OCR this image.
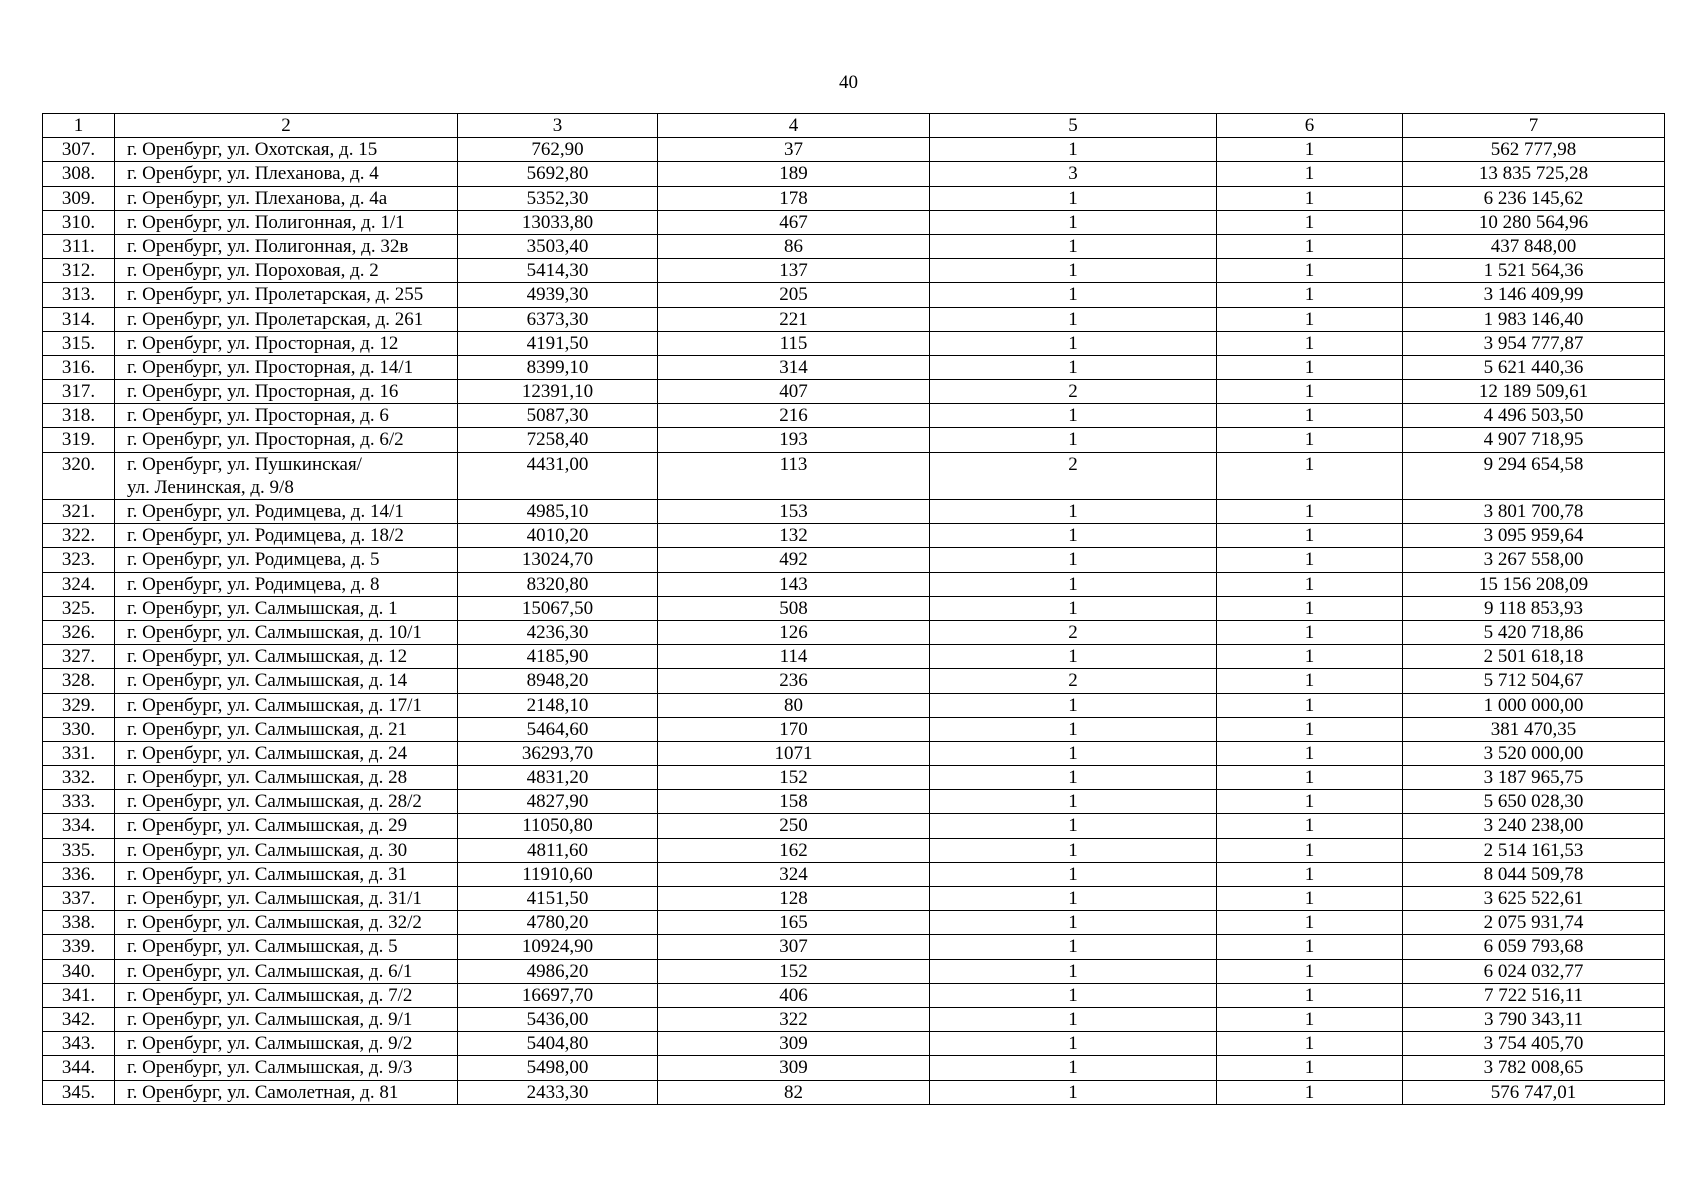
40
1	2	3	4	5	6	7
307.	г. Оренбург, ул. Охотская, д. 15	762,90	37	1	1	562 777,98
308.	г. Оренбург, ул. Плеханова, д. 4	5692,80	189	3	1	13 835 725,28
309.	г. Оренбург, ул. Плеханова, д. 4а	5352,30	178	1	1	6 236 145,62
310.	г. Оренбург, ул. Полигонная, д. 1/1	13033,80	467	1	1	10 280 564,96
311.	г. Оренбург, ул. Полигонная, д. 32в	3503,40	86	1	1	437 848,00
312.	г. Оренбург, ул. Пороховая, д. 2	5414,30	137	1	1	1 521 564,36
313.	г. Оренбург, ул. Пролетарская, д. 255	4939,30	205	1	1	3 146 409,99
314.	г. Оренбург, ул. Пролетарская, д. 261	6373,30	221	1	1	1 983 146,40
315.	г. Оренбург, ул. Просторная, д. 12	4191,50	115	1	1	3 954 777,87
316.	г. Оренбург, ул. Просторная, д. 14/1	8399,10	314	1	1	5 621 440,36
317.	г. Оренбург, ул. Просторная, д. 16	12391,10	407	2	1	12 189 509,61
318.	г. Оренбург, ул. Просторная, д. 6	5087,30	216	1	1	4 496 503,50
319.	г. Оренбург, ул. Просторная, д. 6/2	7258,40	193	1	1	4 907 718,95
320.	г. Оренбург, ул. Пушкинская/
ул. Ленинская, д. 9/8	4431,00	113	2	1	9 294 654,58
321.	г. Оренбург, ул. Родимцева, д. 14/1	4985,10	153	1	1	3 801 700,78
322.	г. Оренбург, ул. Родимцева, д. 18/2	4010,20	132	1	1	3 095 959,64
323.	г. Оренбург, ул. Родимцева, д. 5	13024,70	492	1	1	3 267 558,00
324.	г. Оренбург, ул. Родимцева, д. 8	8320,80	143	1	1	15 156 208,09
325.	г. Оренбург, ул. Салмышская, д. 1	15067,50	508	1	1	9 118 853,93
326.	г. Оренбург, ул. Салмышская, д. 10/1	4236,30	126	2	1	5 420 718,86
327.	г. Оренбург, ул. Салмышская, д. 12	4185,90	114	1	1	2 501 618,18
328.	г. Оренбург, ул. Салмышская, д. 14	8948,20	236	2	1	5 712 504,67
329.	г. Оренбург, ул. Салмышская, д. 17/1	2148,10	80	1	1	1 000 000,00
330.	г. Оренбург, ул. Салмышская, д. 21	5464,60	170	1	1	381 470,35
331.	г. Оренбург, ул. Салмышская, д. 24	36293,70	1071	1	1	3 520 000,00
332.	г. Оренбург, ул. Салмышская, д. 28	4831,20	152	1	1	3 187 965,75
333.	г. Оренбург, ул. Салмышская, д. 28/2	4827,90	158	1	1	5 650 028,30
334.	г. Оренбург, ул. Салмышская, д. 29	11050,80	250	1	1	3 240 238,00
335.	г. Оренбург, ул. Салмышская, д. 30	4811,60	162	1	1	2 514 161,53
336.	г. Оренбург, ул. Салмышская, д. 31	11910,60	324	1	1	8 044 509,78
337.	г. Оренбург, ул. Салмышская, д. 31/1	4151,50	128	1	1	3 625 522,61
338.	г. Оренбург, ул. Салмышская, д. 32/2	4780,20	165	1	1	2 075 931,74
339.	г. Оренбург, ул. Салмышская, д. 5	10924,90	307	1	1	6 059 793,68
340.	г. Оренбург, ул. Салмышская, д. 6/1	4986,20	152	1	1	6 024 032,77
341.	г. Оренбург, ул. Салмышская, д. 7/2	16697,70	406	1	1	7 722 516,11
342.	г. Оренбург, ул. Салмышская, д. 9/1	5436,00	322	1	1	3 790 343,11
343.	г. Оренбург, ул. Салмышская, д. 9/2	5404,80	309	1	1	3 754 405,70
344.	г. Оренбург, ул. Салмышская, д. 9/3	5498,00	309	1	1	3 782 008,65
345.	г. Оренбург, ул. Самолетная, д. 81	2433,30	82	1	1	576 747,01
